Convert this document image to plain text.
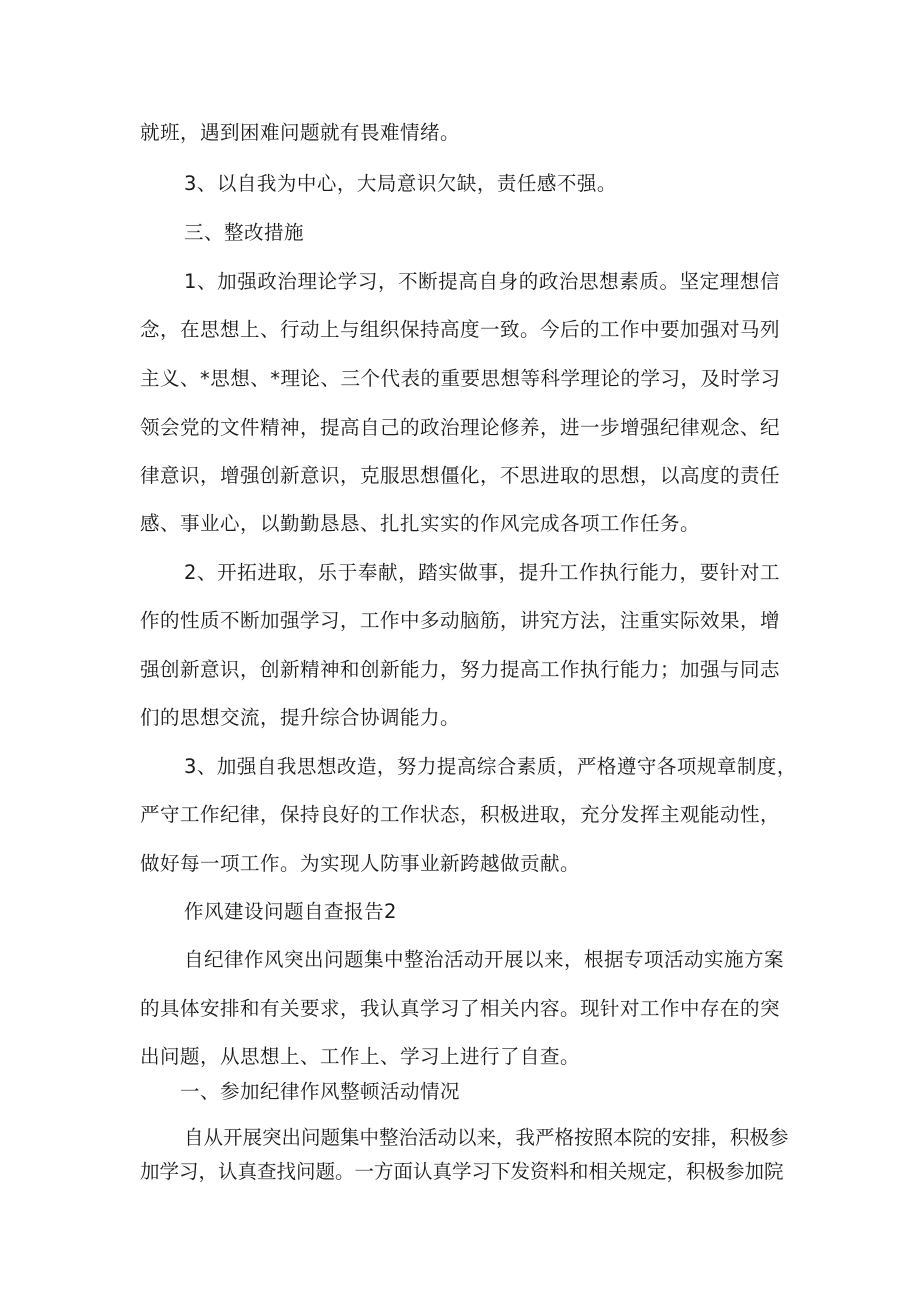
就班，遇到困难问题就有畏难情绪。
3、以自我为中心，大局意识欠缺，责任感不强。
三、整改措施
1、加强政治理论学习，不断提高自身的政治思想素质。坚定理想信
念，在思想上、行动上与组织保持高度一致。今后的工作中要加强对马列
主义、*思想、*理论、三个代表的重要思想等科学理论的学习，及时学习
领会党的文件精神，提高自己的政治理论修养，进一步增强纪律观念、纪
律意识，增强创新意识，克服思想僵化，不思进取的思想，以高度的责任
感、事业心，以勤勤恳恳、扎扎实实的作风完成各项工作任务。
2、开拓进取，乐于奉献，踏实做事，提升工作执行能力，要针对工
作的性质不断加强学习，工作中多动脑筋，讲究方法，注重实际效果，增
强创新意识，创新精神和创新能力，努力提高工作执行能力；加强与同志
们的思想交流，提升综合协调能力。
3、加强自我思想改造，努力提高综合素质，严格遵守各项规章制度，
严守工作纪律，保持良好的工作状态，积极进取，充分发挥主观能动性，
做好每一项工作。为实现人防事业新跨越做贡献。
作风建设问题自查报告2
自纪律作风突出问题集中整治活动开展以来，根据专项活动实施方案
的具体安排和有关要求，我认真学习了相关内容。现针对工作中存在的突
出问题，从思想上、工作上、学习上进行了自查。
一、参加纪律作风整顿活动情况
自从开展突出问题集中整治活动以来，我严格按照本院的安排，积极参
加学习，认真查找问题。一方面认真学习下发资料和相关规定，积极参加院
